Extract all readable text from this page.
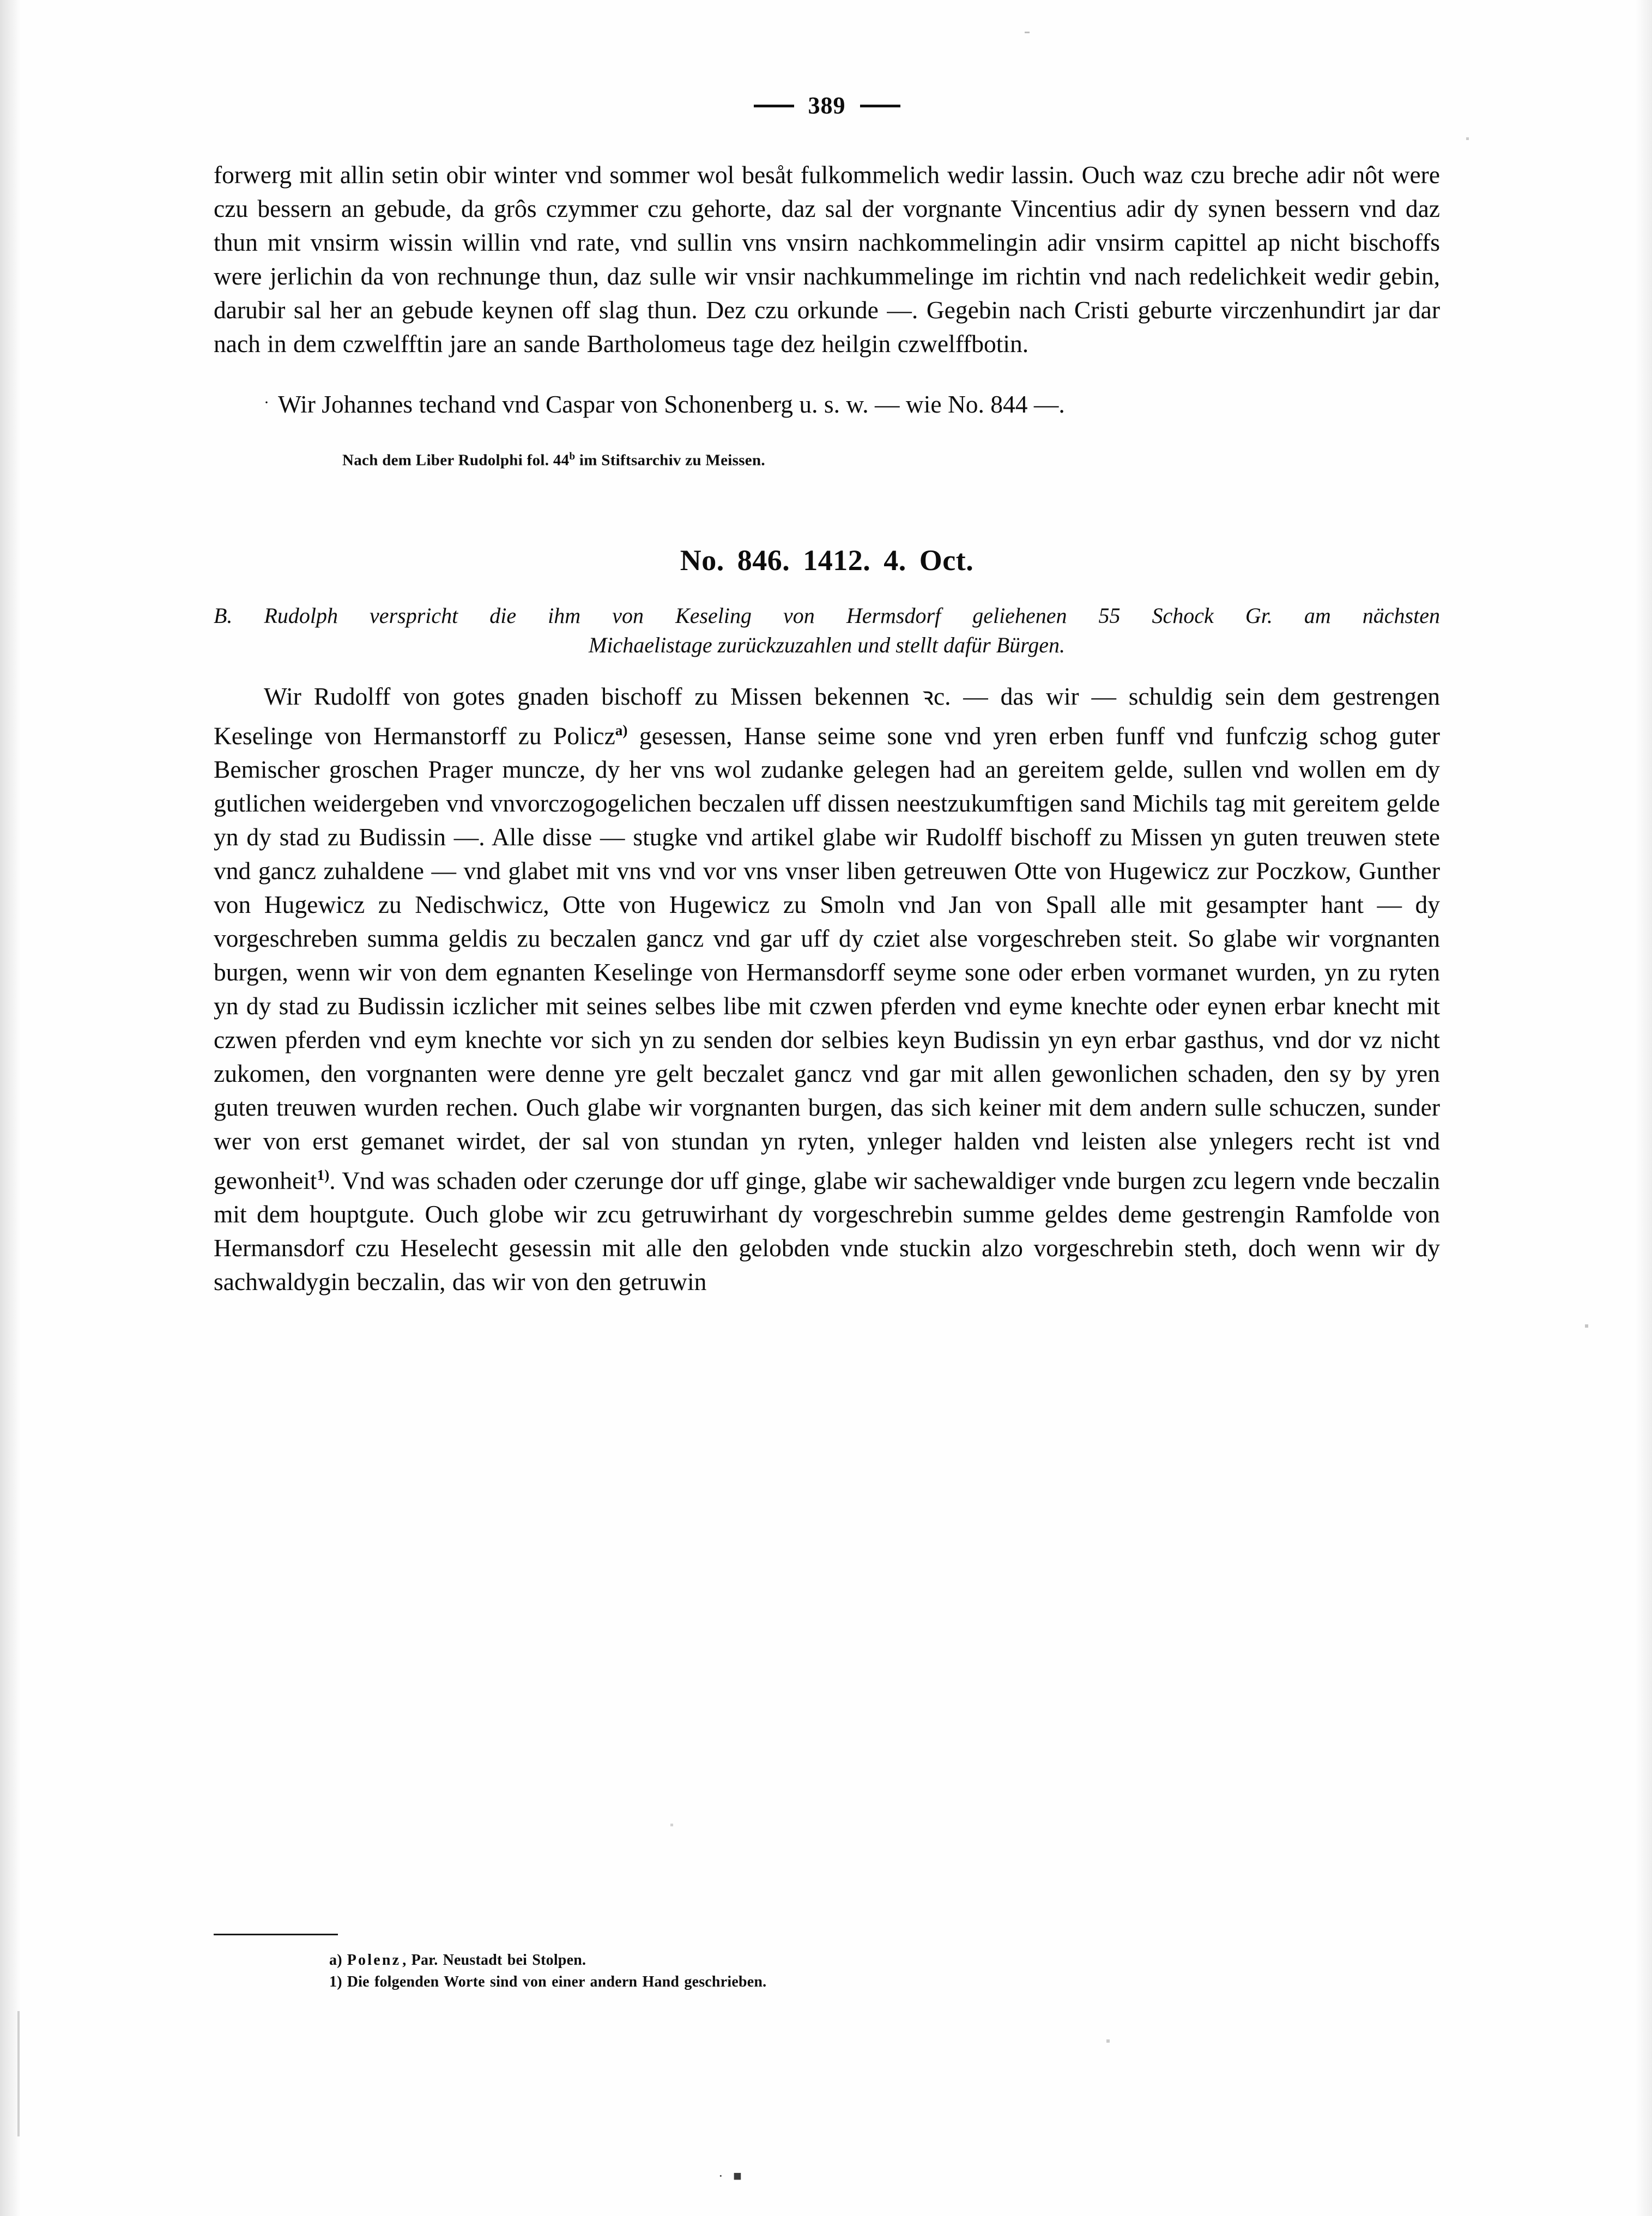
389

forwerg mit allin setin obir winter vnd sommer wol besåt fulkommelich wedir lassin. Ouch waz czu breche adir nôt were czu bessern an gebude, da grôs czymmer czu gehorte, daz sal der vorgnante Vincentius adir dy synen bessern vnd daz thun mit vnsirm wissin willin vnd rate, vnd sullin vns vnsirn nachkommelingin adir vnsirm capittel ap nicht bischoffs were jerlichin da von rechnunge thun, daz sulle wir vnsir nachkummelinge im richtin vnd nach redelichkeit wedir gebin, darubir sal her an gebude keynen off slag thun. Dez czu orkunde —. Gegebin nach Cristi geburte virczenhundirt jar dar nach in dem czwelfftin jare an sande Bartholomeus tage dez heilgin czwelffbotin.

· Wir Johannes techand vnd Caspar von Schonenberg u. s. w. — wie No. 844 —.

Nach dem Liber Rudolphi fol. 44$^b$ im Stiftsarchiv zu Meissen.

No. 846. 1412. 4. Oct.
B. Rudolph verspricht die ihm von Keseling von Hermsdorf geliehenen 55 Schock Gr. am nächsten
Michaelistage zurückzuzahlen und stellt dafür Bürgen.

Wir Rudolff von gotes gnaden bischoff zu Missen bekennen ꝛc. — das wir — schuldig sein dem gestrengen Keselinge von Hermanstorff zu Policz$^{a)}$ gesessen, Hanse seime sone vnd yren erben funff vnd funfczig schog guter Bemischer groschen Prager muncze, dy her vns wol zudanke gelegen had an gereitem gelde, sullen vnd wollen em dy gutlichen weidergeben vnd vnvorczogogelichen beczalen uff dissen neestzukumftigen sand Michils tag mit gereitem gelde yn dy stad zu Budissin —. Alle disse — stugke vnd artikel glabe wir Rudolff bischoff zu Missen yn guten treuwen stete vnd gancz zuhaldene — vnd glabet mit vns vnd vor vns vnser liben getreuwen Otte von Hugewicz zur Poczkow, Gunther von Hugewicz zu Nedischwicz, Otte von Hugewicz zu Smoln vnd Jan von Spall alle mit gesampter hant — dy vorgeschreben summa geldis zu beczalen gancz vnd gar uff dy cziet alse vorgeschreben steit. So glabe wir vorgnanten burgen, wenn wir von dem egnanten Keselinge von Hermansdorff seyme sone oder erben vormanet wurden, yn zu ryten yn dy stad zu Budissin iczlicher mit seines selbes libe mit czwen pferden vnd eyme knechte oder eynen erbar knecht mit czwen pferden vnd eym knechte vor sich yn zu senden dor selbies keyn Budissin yn eyn erbar gasthus, vnd dor vz nicht zukomen, den vorgnanten were denne yre gelt beczalet gancz vnd gar mit allen gewonlichen schaden, den sy by yren guten treuwen wurden rechen. Ouch glabe wir vorgnanten burgen, das sich keiner mit dem andern sulle schuczen, sunder wer von erst gemanet wirdet, der sal von stundan yn ryten, ynleger halden vnd leisten alse ynlegers recht ist vnd gewonheit$^{1)}$. Vnd was schaden oder czerunge dor uff ginge, glabe wir sachewaldiger vnde burgen zcu legern vnde beczalin mit dem houptgute. Ouch globe wir zcu getruwirhant dy vorgeschrebin summe geldes deme gestrengin Ramfolde von Hermansdorf czu Heselecht gesessin mit alle den gelobden vnde stuckin alzo vorgeschrebin steth, doch wenn wir dy sachwaldygin beczalin, das wir von den getruwin

a) Polenz , Par. Neustadt bei Stolpen.
1) Die folgenden Worte sind von einer andern Hand geschrieben.
· ■
